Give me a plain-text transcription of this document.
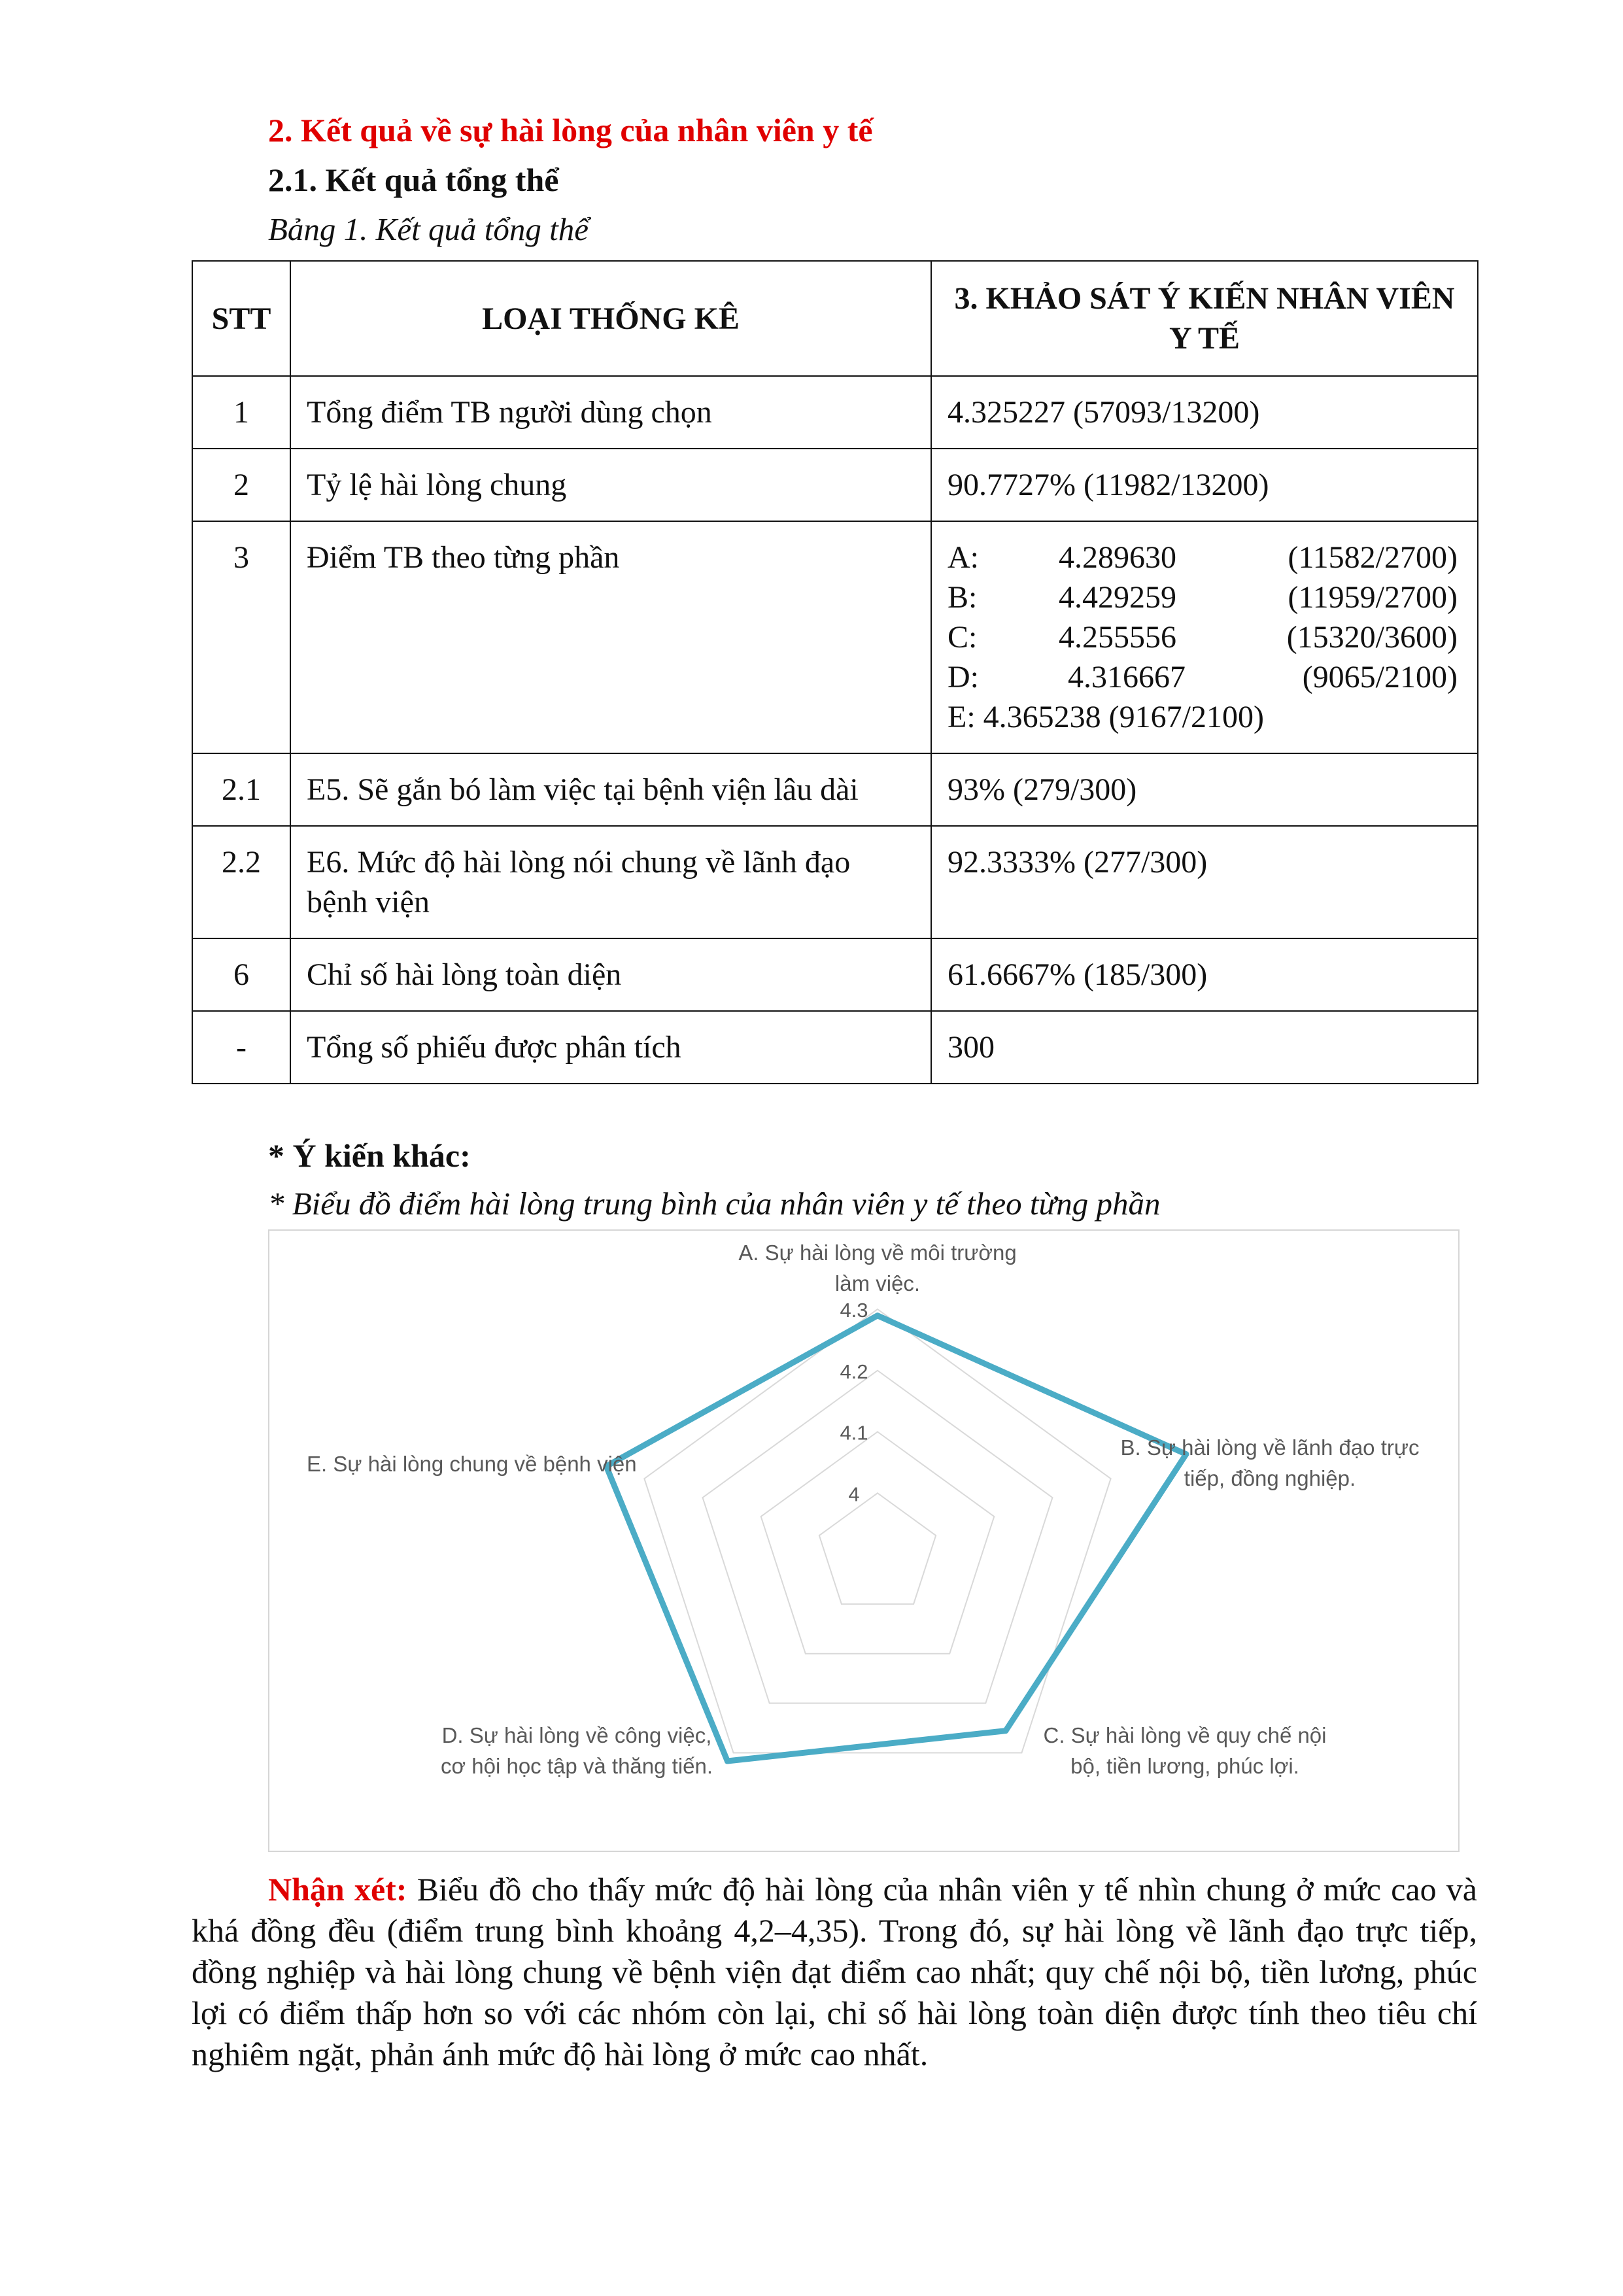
2. Kết quả về sự hài lòng của nhân viên y tế
2.1. Kết quả tổng thể
Bảng 1. Kết quả tổng thể
STT	LOẠI THỐNG KÊ	3. KHẢO SÁT Ý KIẾN NHÂN VIÊN Y TẾ
1	Tổng điểm TB người dùng chọn	4.325227 (57093/13200)
2	Tỷ lệ hài lòng chung	90.7727% (11982/13200)
3	Điểm TB theo từng phần	A: 4.289630 (11582/2700)
B: 4.429259 (11959/2700)
C: 4.255556 (15320/3600)
D: 4.316667 (9065/2100)
E: 4.365238 (9167/2100)

2.1	E5. Sẽ gắn bó làm việc tại bệnh viện lâu dài	93% (279/300)
2.2	E6. Mức độ hài lòng nói chung về lãnh đạo bệnh viện	92.3333% (277/300)
6	Chỉ số hài lòng toàn diện	61.6667% (185/300)
-	Tổng số phiếu được phân tích	300
* Ý kiến khác:
* Biểu đồ điểm hài lòng trung bình của nhân viên y tế theo từng phần
4
4.1
4.2
4.3
A. Sự hài lòng về môi trường
làm việc.
B. Sự hài lòng về lãnh đạo trực
tiếp, đồng nghiệp.
C. Sự hài lòng về quy chế nội
bộ, tiền lương, phúc lợi.
D. Sự hài lòng về công việc,
cơ hội học tập và thăng tiến.
E. Sự hài lòng chung về bệnh viện
Nhận xét: Biểu đồ cho thấy mức độ hài lòng của nhân viên y tế nhìn chung ở mức cao và khá đồng đều (điểm trung bình khoảng 4,2–4,35). Trong đó, sự hài lòng về lãnh đạo trực tiếp, đồng nghiệp và hài lòng chung về bệnh viện đạt điểm cao nhất; quy chế nội bộ, tiền lương, phúc lợi có điểm thấp hơn so với các nhóm còn lại, chỉ số hài lòng toàn diện được tính theo tiêu chí nghiêm ngặt, phản ánh mức độ hài lòng ở mức cao nhất.
